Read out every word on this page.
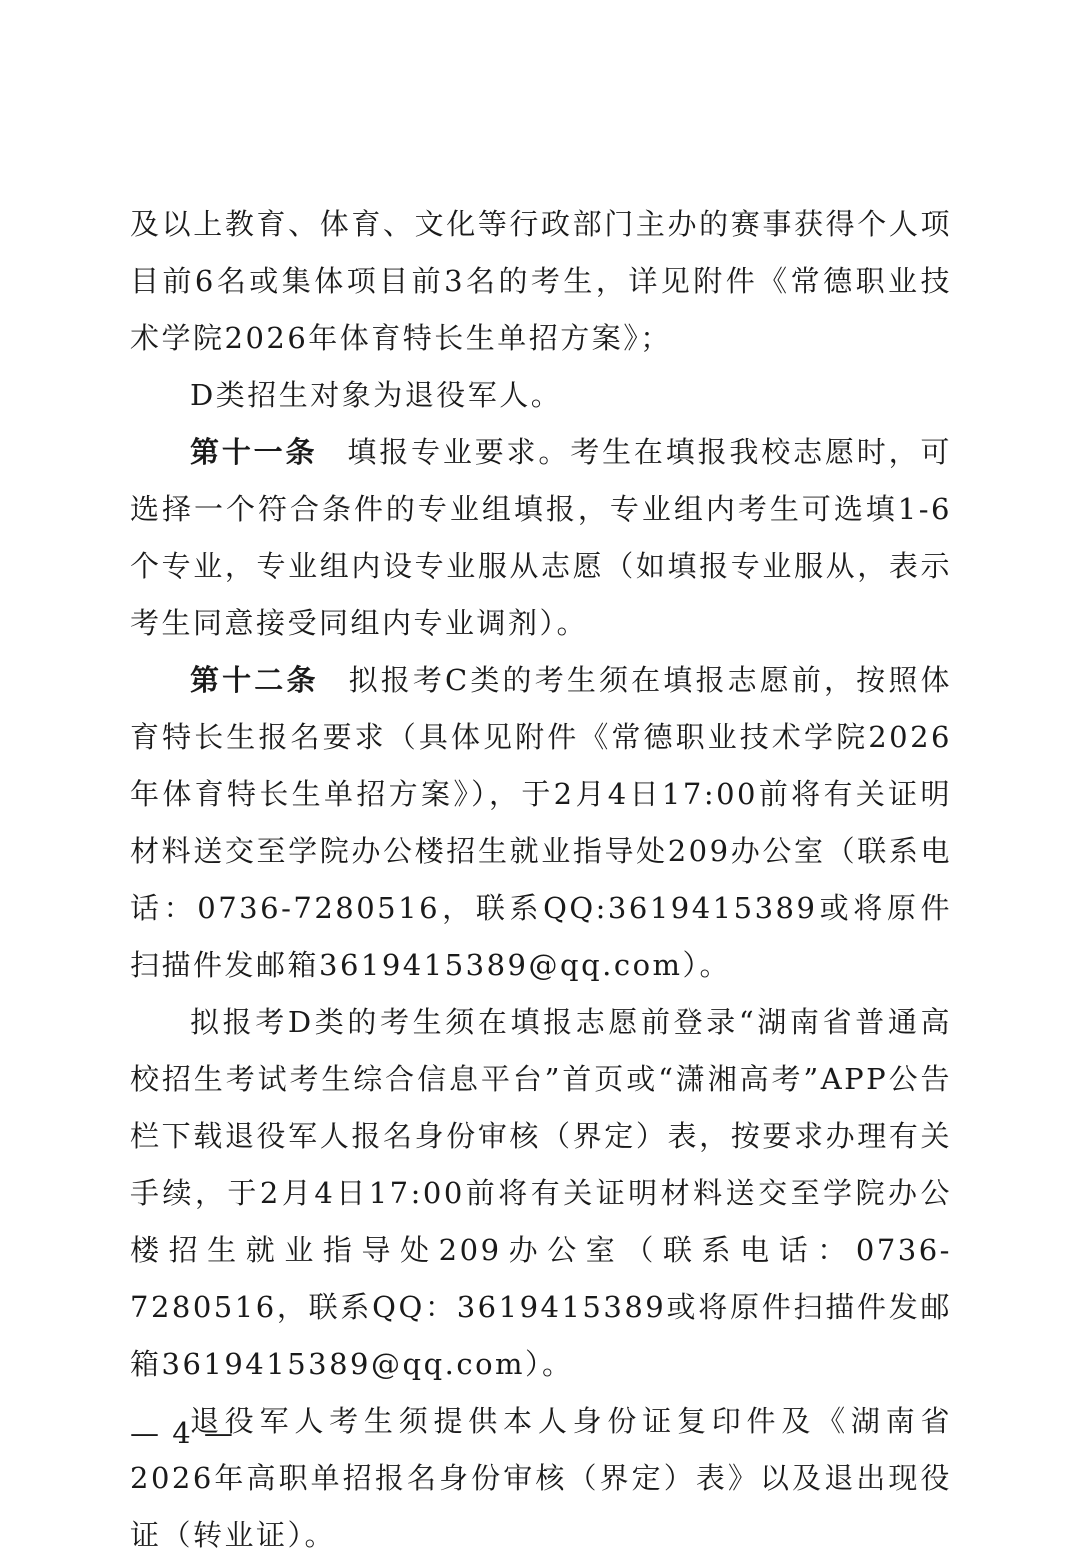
及以上教育、体育、文化等行政部门主办的赛事获得个人项目前6名或集体项目前3名的考生，详见附件《常德职业技术学院2026年体育特长生单招方案》；

D类招生对象为退役军人。

第十一条 填报专业要求。考生在填报我校志愿时，可选择一个符合条件的专业组填报，专业组内考生可选填1-6个专业，专业组内设专业服从志愿（如填报专业服从，表示考生同意接受同组内专业调剂）。

第十二条 拟报考C类的考生须在填报志愿前，按照体育特长生报名要求（具体见附件《常德职业技术学院2026年体育特长生单招方案》），于2月4日17:00前将有关证明材料送交至学院办公楼招生就业指导处209办公室（联系电话：0736-7280516，联系QQ:3619415389或将原件扫描件发邮箱3619415389@qq.com）。

拟报考D类的考生须在填报志愿前登录“湖南省普通高校招生考试考生综合信息平台”首页或“潇湘高考”APP公告栏下载退役军人报名身份审核（界定）表，按要求办理有关手续，于2月4日17:00前将有关证明材料送交至学院办公楼招生就业指导处209办公室（联系电话：0736-7280516，联系QQ：3619415389或将原件扫描件发邮箱3619415389@qq.com）。

退役军人考生须提供本人身份证复印件及《湖南省2026年高职单招报名身份审核（界定）表》以及退出现役证（转业证）。

— 4 —
